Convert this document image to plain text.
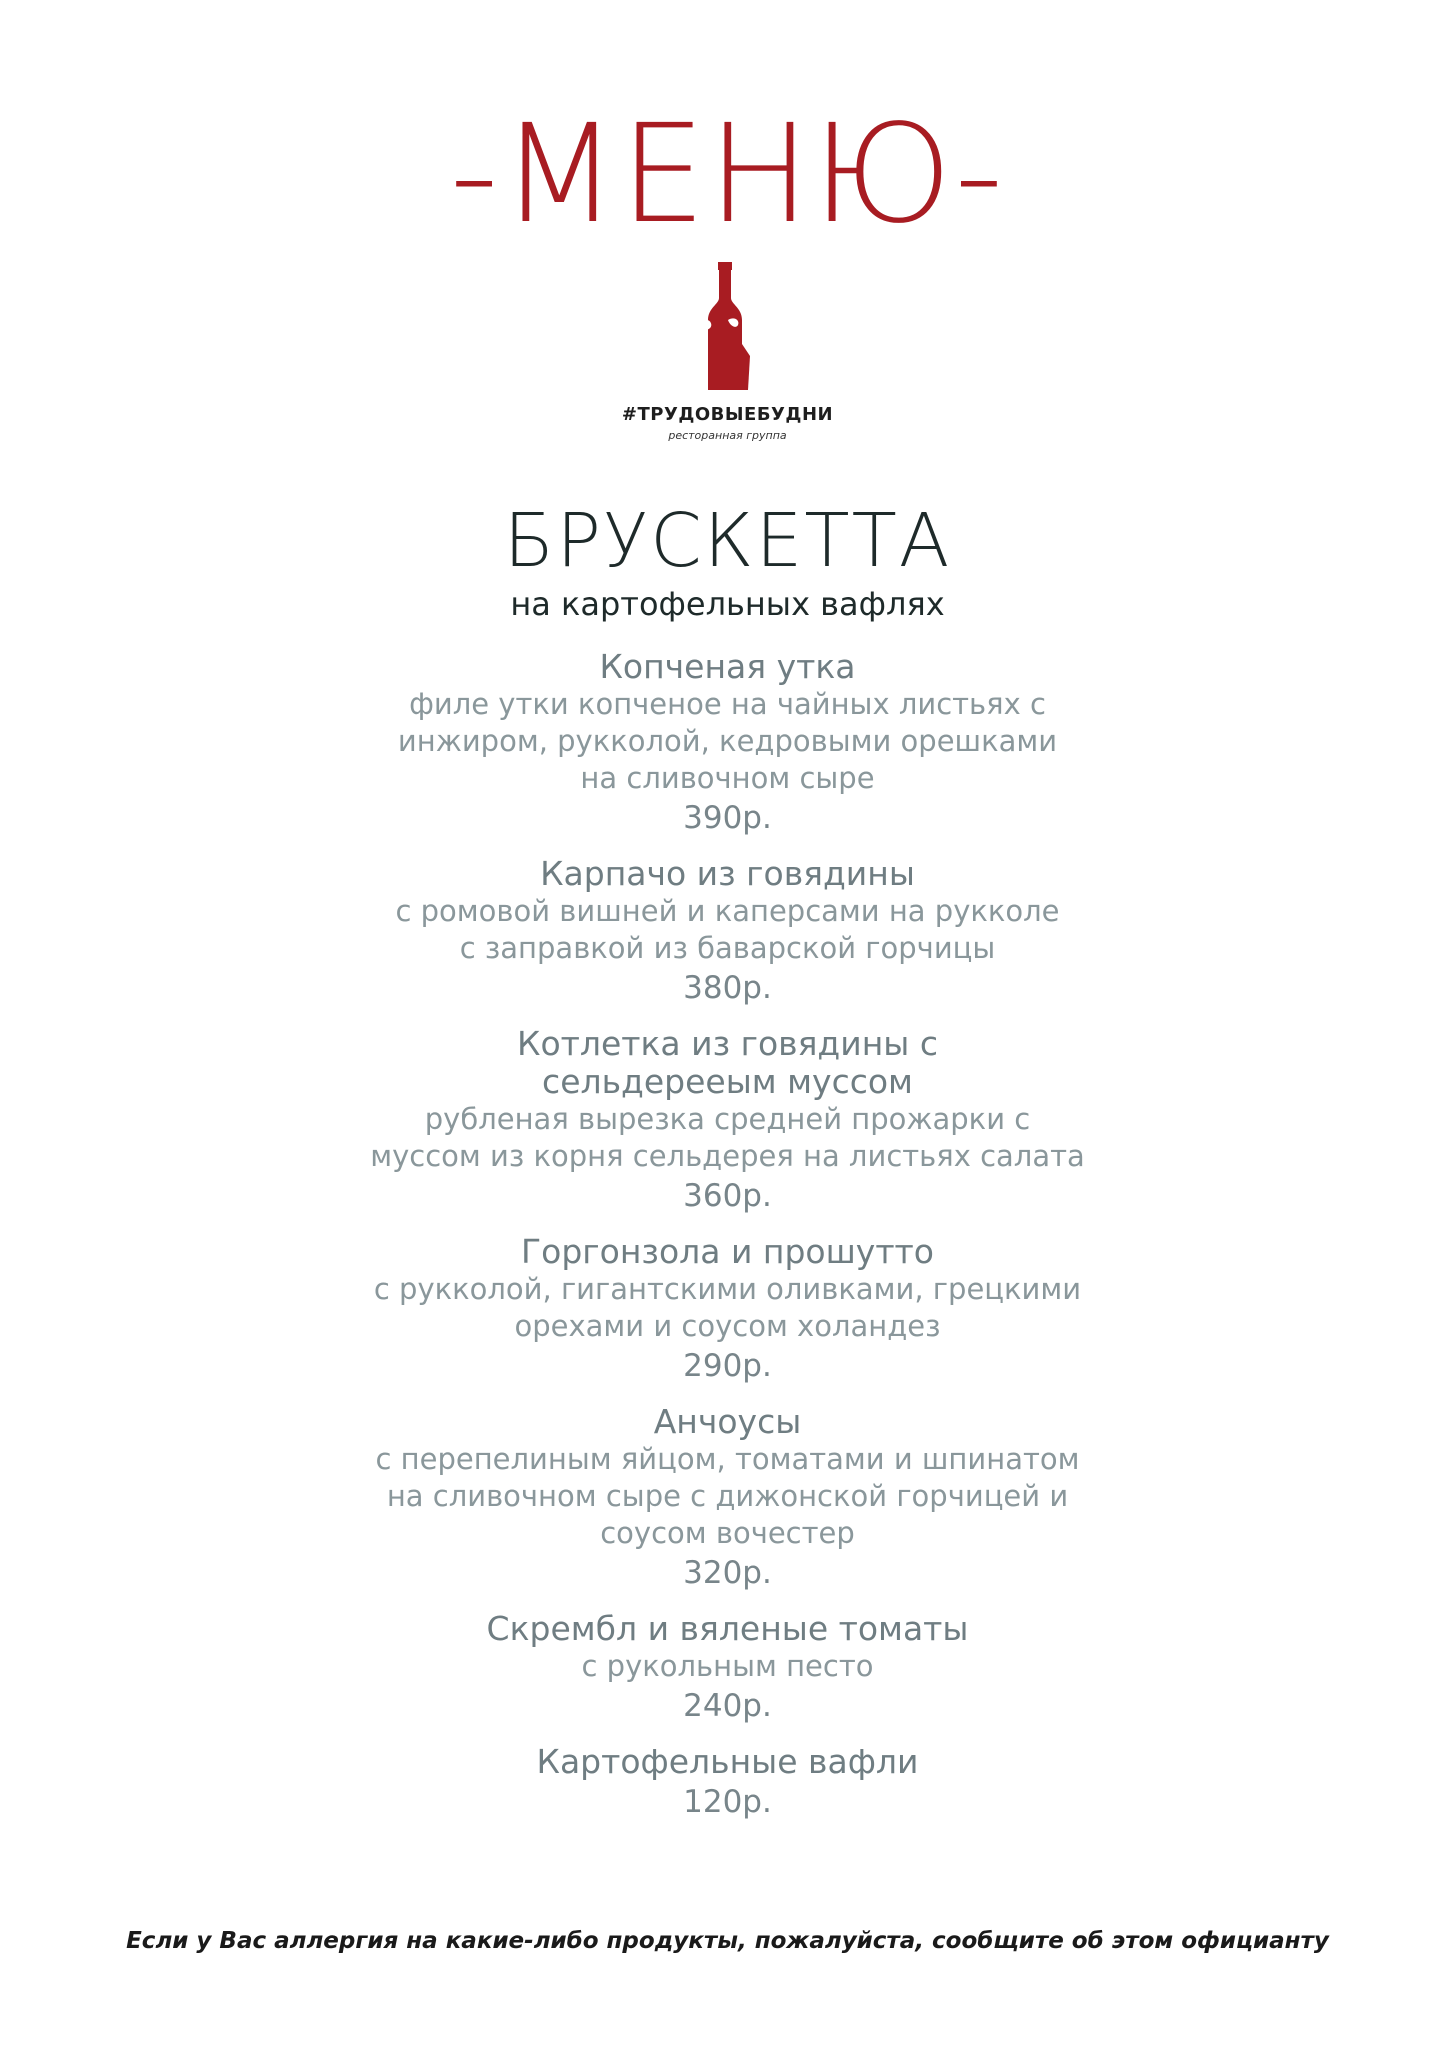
-МЕНЮ-
#ТРУДОВЫЕБУДНИ
ресторанная группа
БРУСКЕТТА
на картофельных вафлях
Копченая утка
филе утки копченое на чайных листьях с
инжиром, рукколой, кедровыми орешками
на сливочном сыре
390р.
Карпачо из говядины
с ромовой вишней и каперсами на рукколе
с заправкой из баварской горчицы
380р.
Котлетка из говядины с
сельдерееым муссом
рубленая вырезка средней прожарки с
муссом из корня сельдерея на листьях салата
360р.
Горгонзола и прошутто
с рукколой, гигантскими оливками, грецкими
орехами и соусом холандез
290р.
Анчоусы
с перепелиным яйцом, томатами и шпинатом
на сливочном сыре с дижонской горчицей и
соусом вочестер
320р.
Скрембл и вяленые томаты
с рукольным песто
240р.
Картофельные вафли
120р.
Если у Вас аллергия на какие-либо продукты, пожалуйста, сообщите об этом официанту
